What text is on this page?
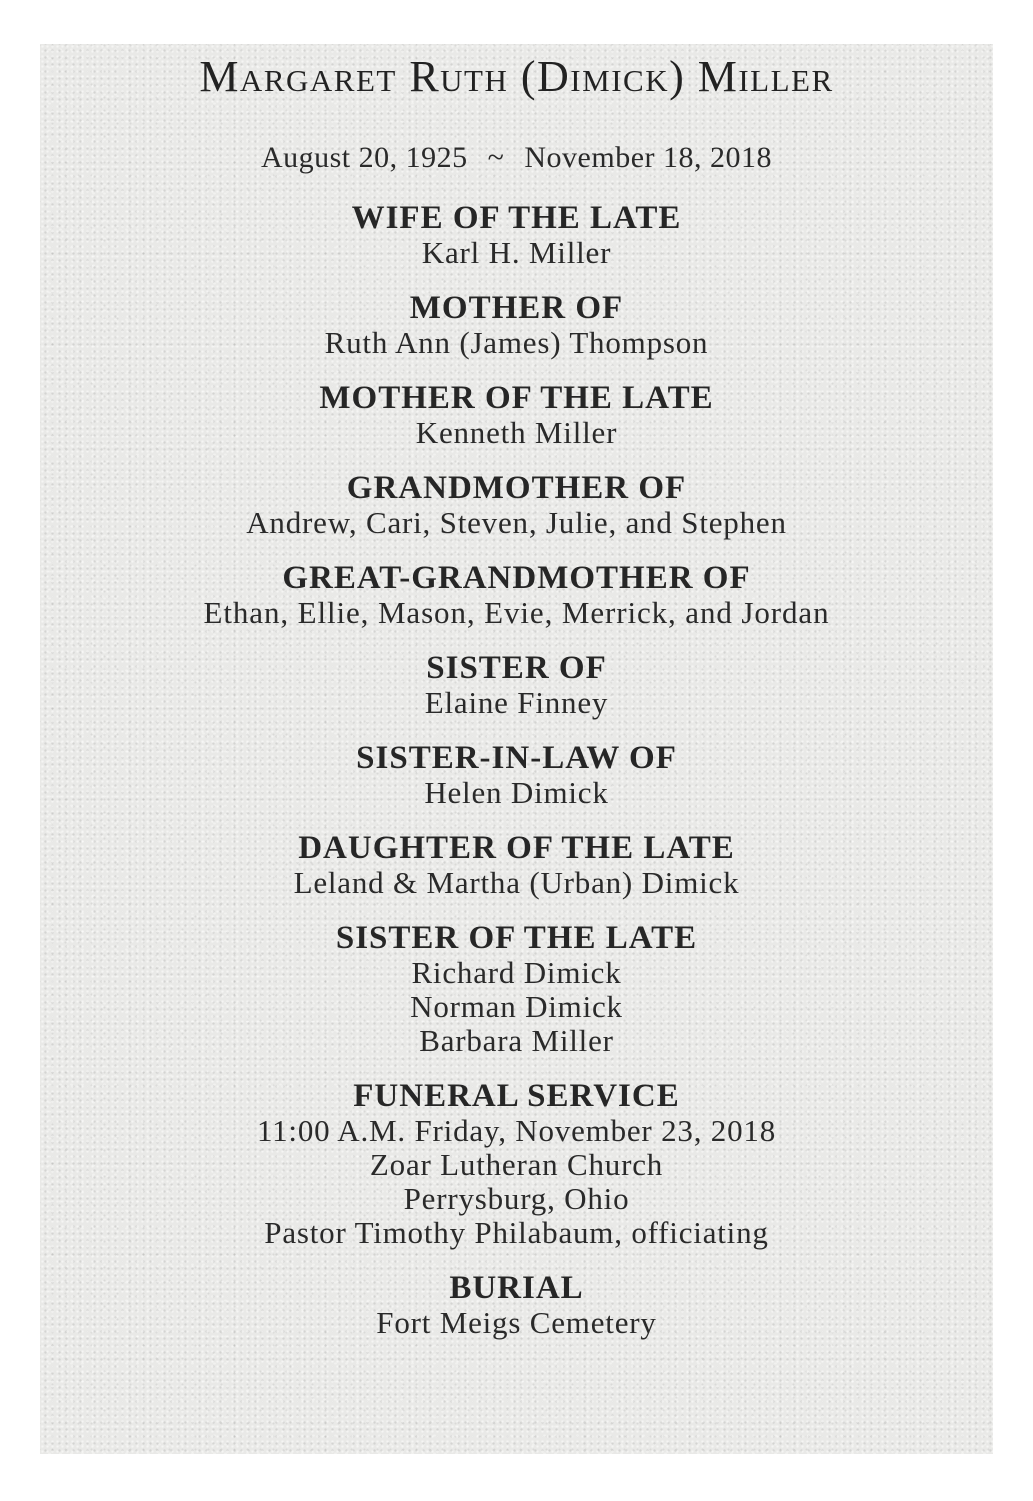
Margaret Ruth (Dimick) Miller
August 20, 1925 ~ November 18, 2018
WIFE OF THE LATE
Karl H. Miller
MOTHER OF
Ruth Ann (James) Thompson
MOTHER OF THE LATE
Kenneth Miller
GRANDMOTHER OF
Andrew, Cari, Steven, Julie, and Stephen
GREAT-GRANDMOTHER OF
Ethan, Ellie, Mason, Evie, Merrick, and Jordan
SISTER OF
Elaine Finney
SISTER-IN-LAW OF
Helen Dimick
DAUGHTER OF THE LATE
Leland & Martha (Urban) Dimick
SISTER OF THE LATE
Richard Dimick
Norman Dimick
Barbara Miller
FUNERAL SERVICE
11:00 A.M. Friday, November 23, 2018
Zoar Lutheran Church
Perrysburg, Ohio
Pastor Timothy Philabaum, officiating
BURIAL
Fort Meigs Cemetery
